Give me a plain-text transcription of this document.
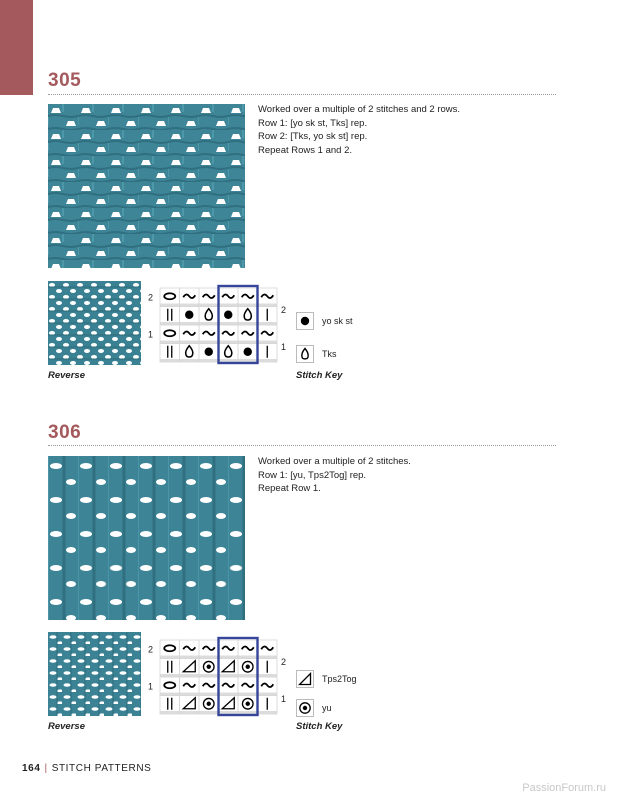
305
Worked over a multiple of 2 stitches and 2 rows.
Row 1: [yo sk st, Tks] rep.
Row 2: [Tks, yo sk st] rep.
Repeat Rows 1 and 2.
Reverse
2
1
2
1
yo sk st
Tks
Stitch Key
306
Worked over a multiple of 2 stitches.
Row 1: [yu, Tps2Tog] rep.
Repeat Row 1.
Reverse
2
1
2
1
Tps2Tog
yu
Stitch Key
164 | STITCH PATTERNS
PassionForum.ru
